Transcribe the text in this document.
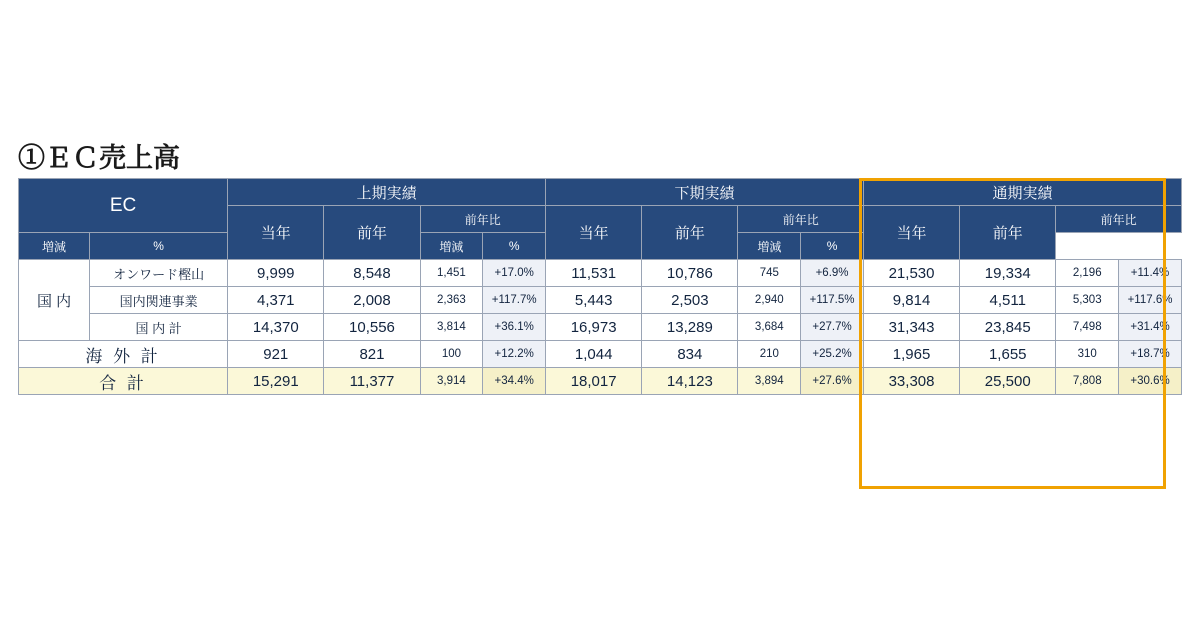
①ＥＣ売上高
EC		上期実績				下期実績				通期実績			
		当年	前年	前年比		当年	前年	前年比		当年	前年	前年比	
増減	%			増減	%			増減	%				
国 内	オンワード樫山	9,999	8,548	1,451	+17.0%	11,531	10,786	745	+6.9%	21,530	19,334	2,196	+11.4%
	国内関連事業	4,371	2,008	2,363	+117.7%	5,443	2,503	2,940	+117.5%	9,814	4,511	5,303	+117.6%
	国 内 計	14,370	10,556	3,814	+36.1%	16,973	13,289	3,684	+27.7%	31,343	23,845	7,498	+31.4%
海 外 計		921	821	100	+12.2%	1,044	834	210	+25.2%	1,965	1,655	310	+18.7%
合 計		15,291	11,377	3,914	+34.4%	18,017	14,123	3,894	+27.6%	33,308	25,500	7,808	+30.6%
